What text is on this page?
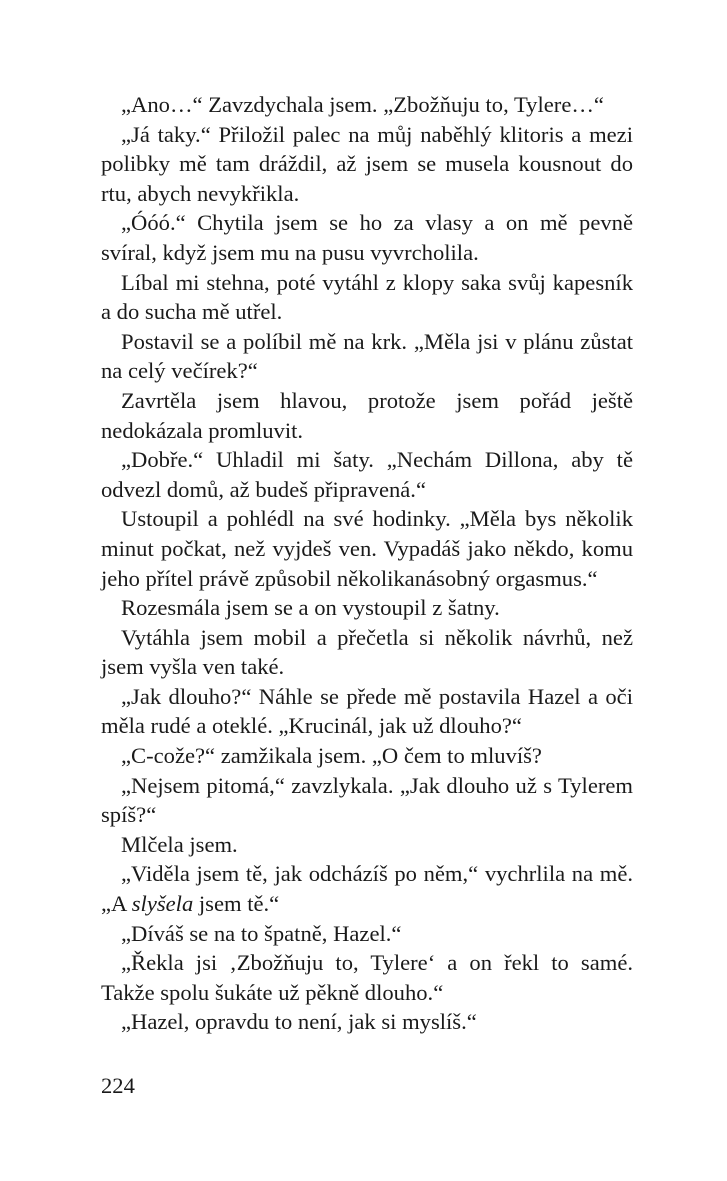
„Ano…“ Zavzdychala jsem. „Zbožňuju to, Tylere…“

„Já taky.“ Přiložil palec na můj naběhlý klitoris a mezi polibky mě tam dráždil, až jsem se musela kousnout do rtu, abych nevykřikla.

„Óóó.“ Chytila jsem se ho za vlasy a on mě pevně svíral, když jsem mu na pusu vyvrcholila.

Líbal mi stehna, poté vytáhl z klopy saka svůj kapesník a do sucha mě utřel.

Postavil se a políbil mě na krk. „Měla jsi v plánu zůstat na celý večírek?“

Zavrtěla jsem hlavou, protože jsem pořád ještě nedokázala promluvit.

„Dobře.“ Uhladil mi šaty. „Nechám Dillona, aby tě odvezl domů, až budeš připravená.“

Ustoupil a pohlédl na své hodinky. „Měla bys několik minut počkat, než vyjdeš ven. Vypadáš jako někdo, komu jeho přítel právě způsobil několikanásobný orgasmus.“

Rozesmála jsem se a on vystoupil z šatny.

Vytáhla jsem mobil a přečetla si několik návrhů, než jsem vyšla ven také.

„Jak dlouho?“ Náhle se přede mě postavila Hazel a oči měla rudé a oteklé. „Krucinál, jak už dlouho?“

„C-cože?“ zamžikala jsem. „O čem to mluvíš?

„Nejsem pitomá,“ zavzlykala. „Jak dlouho už s Tylerem spíš?“

Mlčela jsem.

„Viděla jsem tě, jak odcházíš po něm,“ vychrlila na mě. „A slyšela jsem tě.“

„Díváš se na to špatně, Hazel.“

„Řekla jsi ‚Zbožňuju to, Tylere‘ a on řekl to samé. Takže spolu šukáte už pěkně dlouho.“

„Hazel, opravdu to není, jak si myslíš.“

224
